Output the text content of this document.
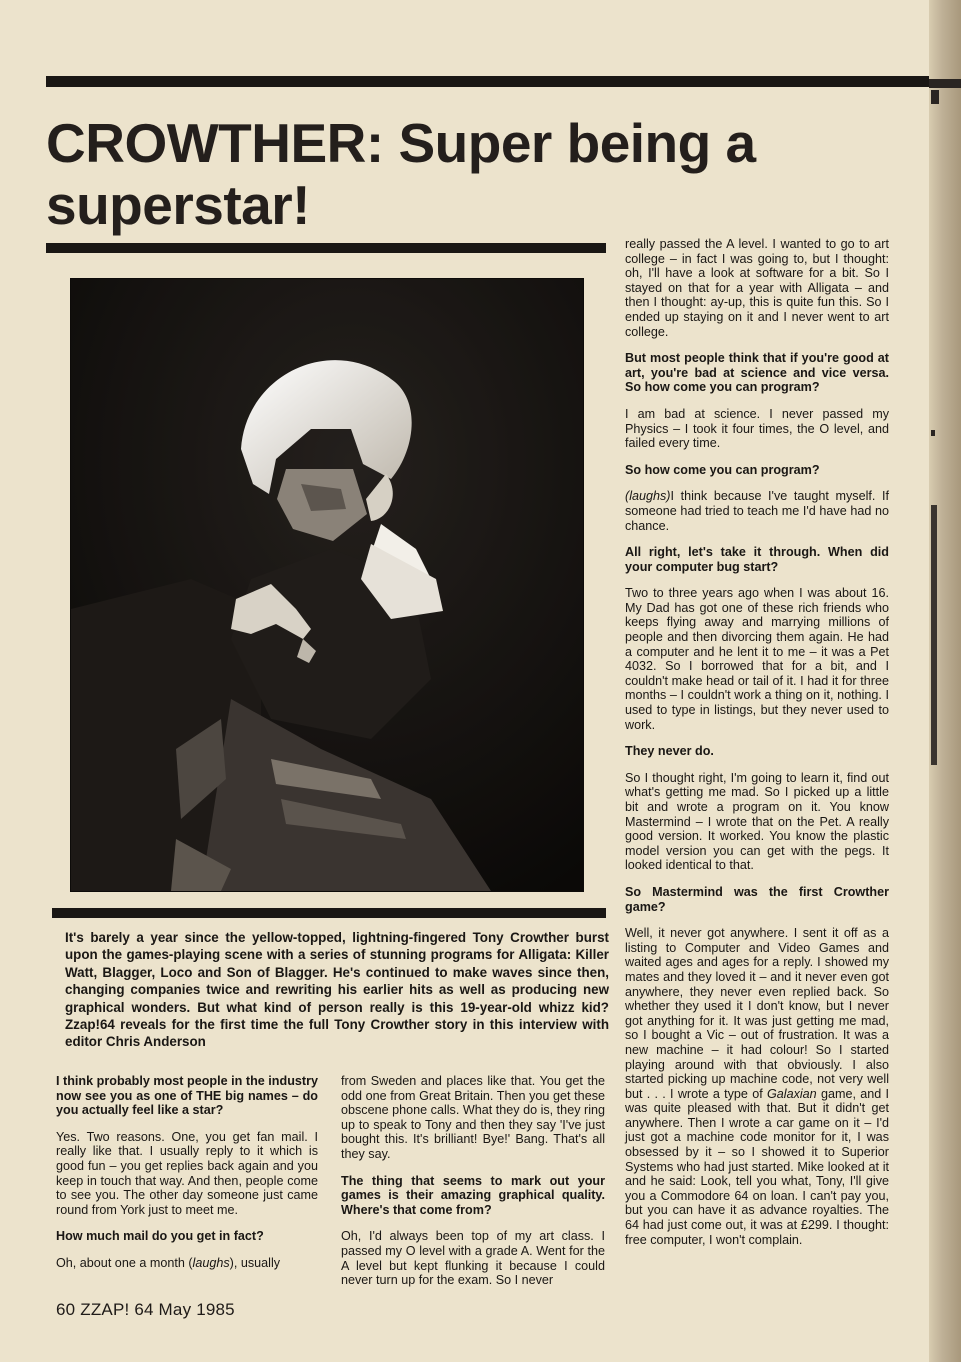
CROWTHER: Super being a superstar!

It's barely a year since the yellow-topped, lightning-fingered Tony Crowther burst upon the games-playing scene with a series of stunning programs for Alligata: Killer Watt, Blagger, Loco and Son of Blagger. He's continued to make waves since then, changing companies twice and rewriting his earlier hits as well as producing new graphical wonders. But what kind of person really is this 19-year-old whizz kid? Zzap!64 reveals for the first time the full Tony Crowther story in this interview with editor Chris Anderson

I think probably most people in the industry now see you as one of THE big names – do you actually feel like a star?

Yes. Two reasons. One, you get fan mail. I really like that. I usually reply to it which is good fun – you get replies back again and you keep in touch that way. And then, people come to see you. The other day someone just came round from York just to meet me.

How much mail do you get in fact?

Oh, about one a month (laughs), usually

from Sweden and places like that. You get the odd one from Great Britain. Then you get these obscene phone calls. What they do is, they ring up to speak to Tony and then they say 'I've just bought this. It's brilliant! Bye!' Bang. That's all they say.

The thing that seems to mark out your games is their amazing graphical quality. Where's that come from?

Oh, I'd always been top of my art class. I passed my O level with a grade A. Went for the A level but kept flunking it because I could never turn up for the exam. So I never

really passed the A level. I wanted to go to art college – in fact I was going to, but I thought: oh, I'll have a look at software for a bit. So I stayed on that for a year with Alligata – and then I thought: ay-up, this is quite fun this. So I ended up staying on it and I never went to art college.

But most people think that if you're good at art, you're bad at science and vice versa. So how come you can program?

I am bad at science. I never passed my Physics – I took it four times, the O level, and failed every time.

So how come you can program?

(laughs)I think because I've taught myself. If someone had tried to teach me I'd have had no chance.

All right, let's take it through. When did your computer bug start?

Two to three years ago when I was about 16. My Dad has got one of these rich friends who keeps flying away and marrying millions of people and then divorcing them again. He had a computer and he lent it to me – it was a Pet 4032. So I borrowed that for a bit, and I couldn't make head or tail of it. I had it for three months – I couldn't work a thing on it, nothing. I used to type in listings, but they never used to work.

They never do.

So I thought right, I'm going to learn it, find out what's getting me mad. So I picked up a little bit and wrote a program on it. You know Mastermind – I wrote that on the Pet. A really good version. It worked. You know the plastic model version you can get with the pegs. It looked identical to that.

So Mastermind was the first Crowther game?

Well, it never got anywhere. I sent it off as a listing to Computer and Video Games and waited ages and ages for a reply. I showed my mates and they loved it – and it never even got anywhere, they never even replied back. So whether they used it I don't know, but I never got anything for it. It was just getting me mad, so I bought a Vic – out of frustration. It was a new machine – it had colour! So I started playing around with that obviously. I also started picking up machine code, not very well but . . . I wrote a type of Galaxian game, and I was quite pleased with that. But it didn't get anywhere. Then I wrote a car game on it – I'd just got a machine code monitor for it, I was obsessed by it – so I showed it to Superior Systems who had just started. Mike looked at it and he said: Look, tell you what, Tony, I'll give you a Commodore 64 on loan. I can't pay you, but you can have it as advance royalties. The 64 had just come out, it was at £299. I thought: free computer, I won't complain.

60 ZZAP! 64 May 1985
